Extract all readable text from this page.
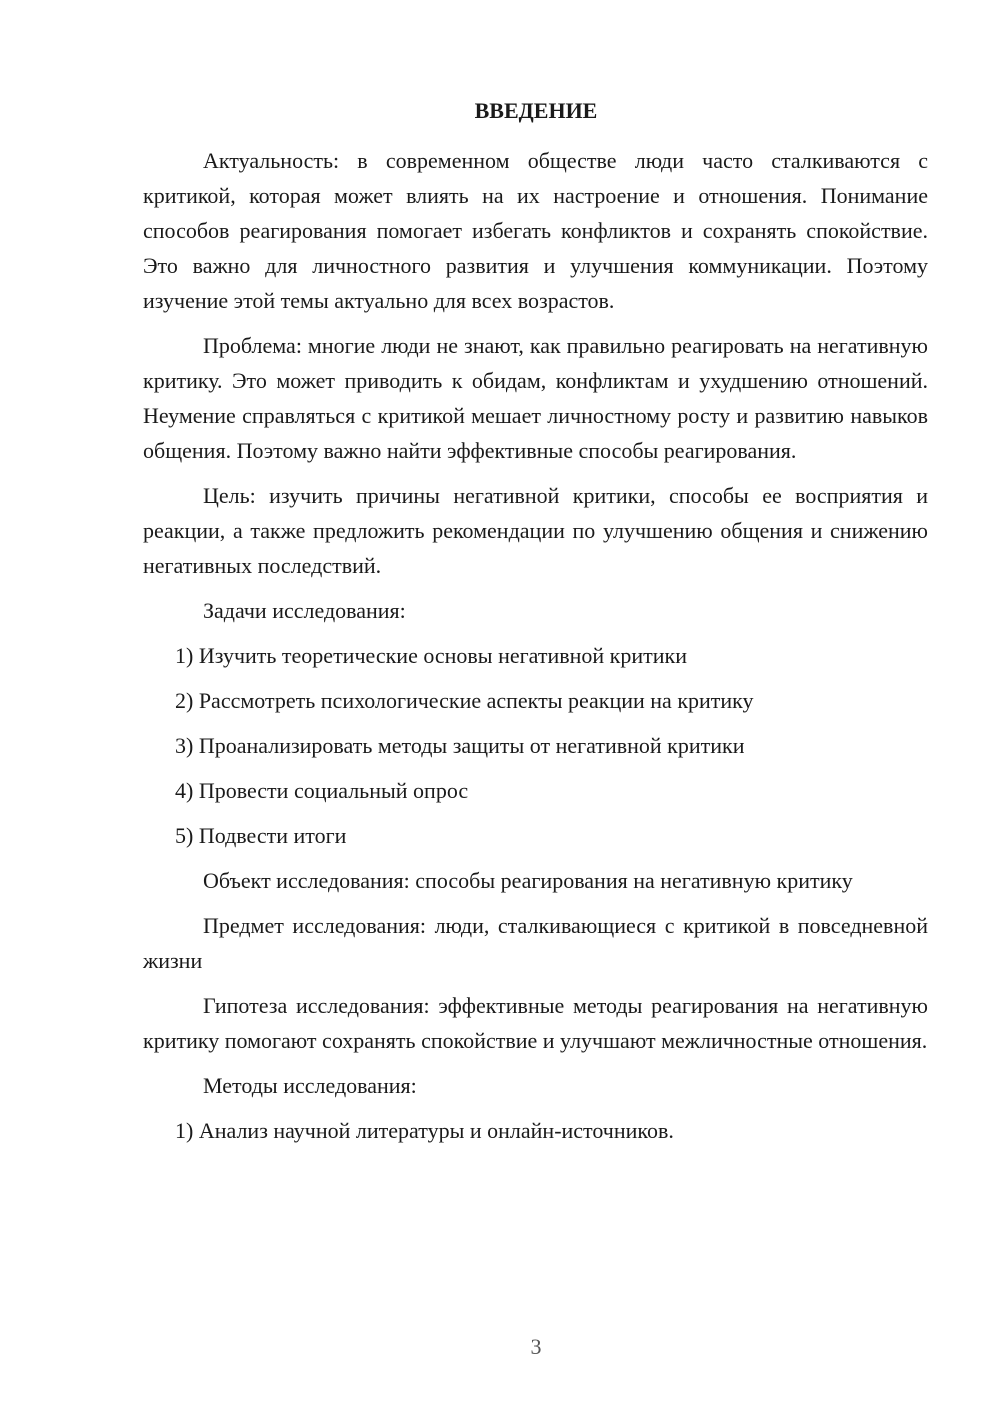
ВВЕДЕНИЕ

Актуальность: в современном обществе люди часто сталкиваются с критикой, которая может влиять на их настроение и отношения. Понимание способов реагирования помогает избегать конфликтов и сохранять спокойствие. Это важно для личностного развития и улучшения коммуникации. Поэтому изучение этой темы актуально для всех возрастов.

Проблема: многие люди не знают, как правильно реагировать на негативную критику. Это может приводить к обидам, конфликтам и ухудшению отношений. Неумение справляться с критикой мешает личностному росту и развитию навыков общения. Поэтому важно найти эффективные способы реагирования.

Цель: изучить причины негативной критики, способы ее восприятия и реакции, а также предложить рекомендации по улучшению общения и снижению негативных последствий.

Задачи исследования:

1) Изучить теоретические основы негативной критики
2) Рассмотреть психологические аспекты реакции на критику
3) Проанализировать методы защиты от негативной критики
4) Провести социальный опрос
5) Подвести итоги

Объект исследования: способы реагирования на негативную критику

Предмет исследования: люди, сталкивающиеся с критикой в повседневной жизни

Гипотеза исследования: эффективные методы реагирования на негативную критику помогают сохранять спокойствие и улучшают межличностные отношения.

Методы исследования:

1) Анализ научной литературы и онлайн-источников.
3
